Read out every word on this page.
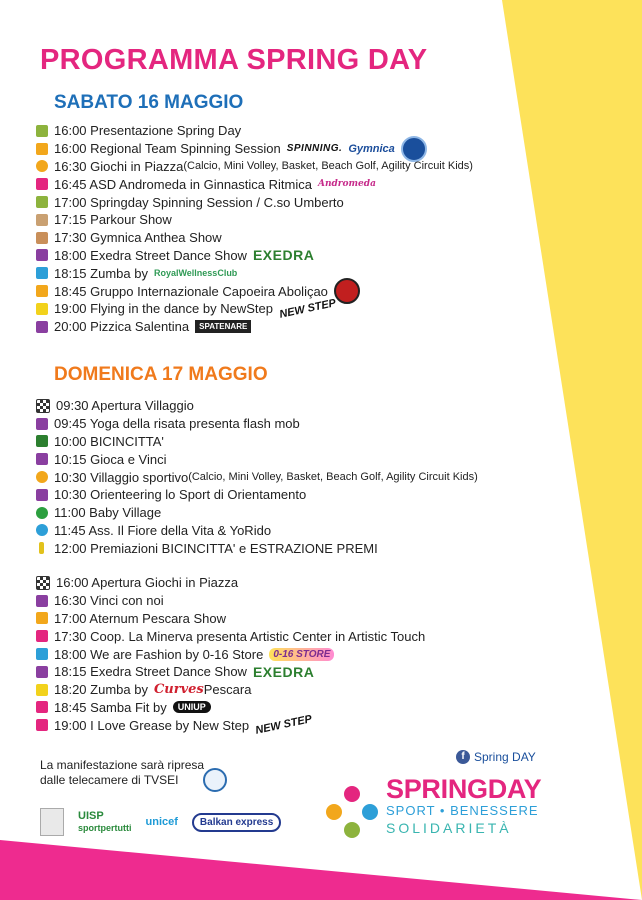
PROGRAMMA SPRING DAY
SABATO 16 MAGGIO
16:00 Presentazione Spring Day
16:00 Regional Team Spinning Session SPINNING. Gymnica
16:30 Giochi in Piazza (Calcio, Mini Volley, Basket, Beach Golf, Agility Circuit Kids)
16:45 ASD Andromeda in Ginnastica Ritmica Andromeda
17:00 Springday Spinning Session / C.so Umberto
17:15 Parkour Show
17:30 Gymnica Anthea Show
18:00 Exedra Street Dance Show EXEDRA
18:15 Zumba by RoyalWellnessClub
18:45 Gruppo Internazionale Capoeira Aboliçao
19:00 Flying in the dance by NewStep NEW STEP
20:00 Pizzica Salentina	SPATENARE
DOMENICA 17 MAGGIO
09:30 Apertura Villaggio
09:45 Yoga della risata presenta flash mob
10:00 BICINCITTA'
10:15 Gioca e Vinci
10:30 Villaggio sportivo (Calcio, Mini Volley, Basket, Beach Golf, Agility Circuit Kids)
10:30 Orienteering lo Sport di Orientamento
11:00 Baby Village
11:45 Ass. Il Fiore della Vita & YoRido
12:00 Premiazioni BICINCITTA' e ESTRAZIONE PREMI
16:00 Apertura Giochi in Piazza
16:30 Vinci con noi
17:00 Aternum Pescara Show
17:30 Coop. La Minerva presenta Artistic Center in Artistic Touch
18:00 We are Fashion by 0-16 Store	0-16 STORE
18:15 Exedra Street Dance Show EXEDRA
18:20 Zumba by Curves Pescara
18:45 Samba Fit by	UNIUP
19:00 I Love Grease by New Step NEW STEP
La manifestazione sarà ripresa
dalle telecamere di TVSEI
UISP
sportpertutti unicef	Balkan express
f Spring DAY
SPRINGDAY
SPORT • BENESSERE
SOLIDARIETÀ
